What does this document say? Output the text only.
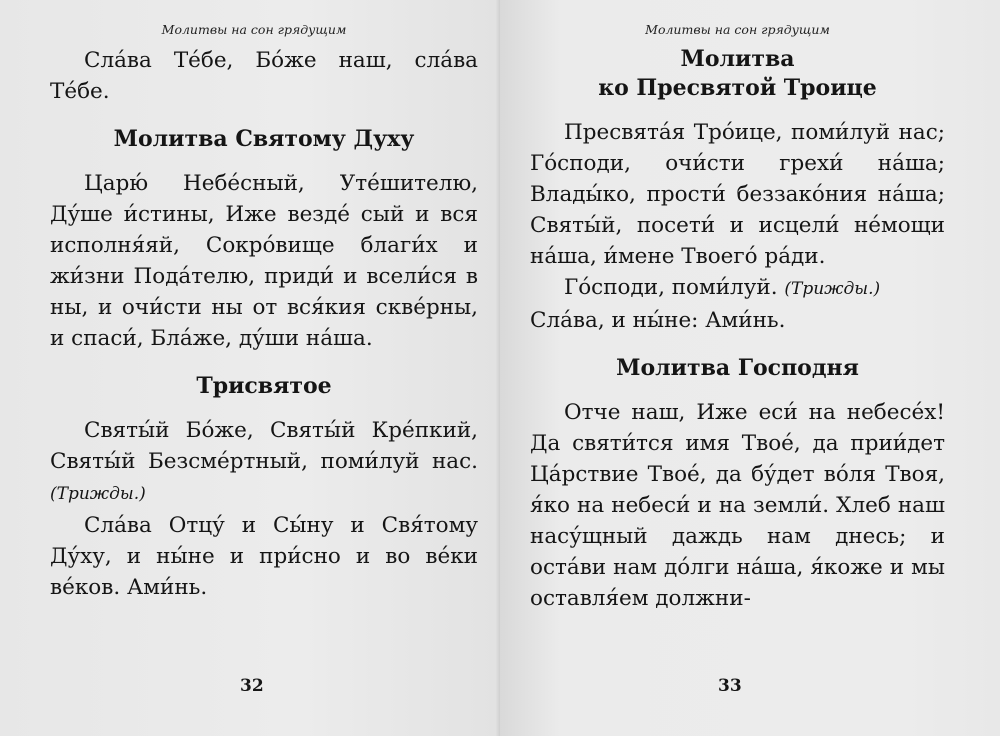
Молитвы на сон грядущим

Сла́ва Те́бе, Бо́же наш, сла́ва Те́бе.

Молитва Святому Духу

Царю́ Небе́сный, Уте́шителю, Ду́ше и́стины, Иже везде́ сый и вся исполня́яй, Сокро́вище благи́х и жи́зни Пода́телю, приди́ и всели́ся в ны, и очи́сти ны от вся́кия скве́рны, и спаси́, Бла́же, ду́ши на́ша.

Трисвятое

Святы́й Бо́же, Святы́й Кре́пкий, Святы́й Безсме́ртный, поми́луй нас. (Трижды.)

Сла́ва Отцу́ и Сы́ну и Свя́тому Ду́ху, и ны́не и при́сно и во ве́ки ве́ков. Ами́нь.

32
Молитвы на сон грядущим
Молитва
ко Пресвятой Троице

Пресвята́я Тро́ице, поми́луй нас; Го́споди, очи́сти грехи́ на́ша; Влады́ко, прости́ беззако́ния на́ша; Святы́й, посети́ и исцели́ не́мощи на́ша, и́мене Твоего́ ра́ди.

Го́споди, поми́луй. (Трижды.)

Сла́ва, и ны́не: Ами́нь.

Молитва Господня

Отче наш, Иже еси́ на небесе́х! Да святи́тся имя Твое́, да прии́дет Ца́рствие Твое́, да бу́дет во́ля Твоя, я́ко на небеси́ и на земли́. Хлеб наш насу́щный даждь нам днесь; и оста́ви нам до́лги на́ша, я́коже и мы оставля́ем должни-

33
